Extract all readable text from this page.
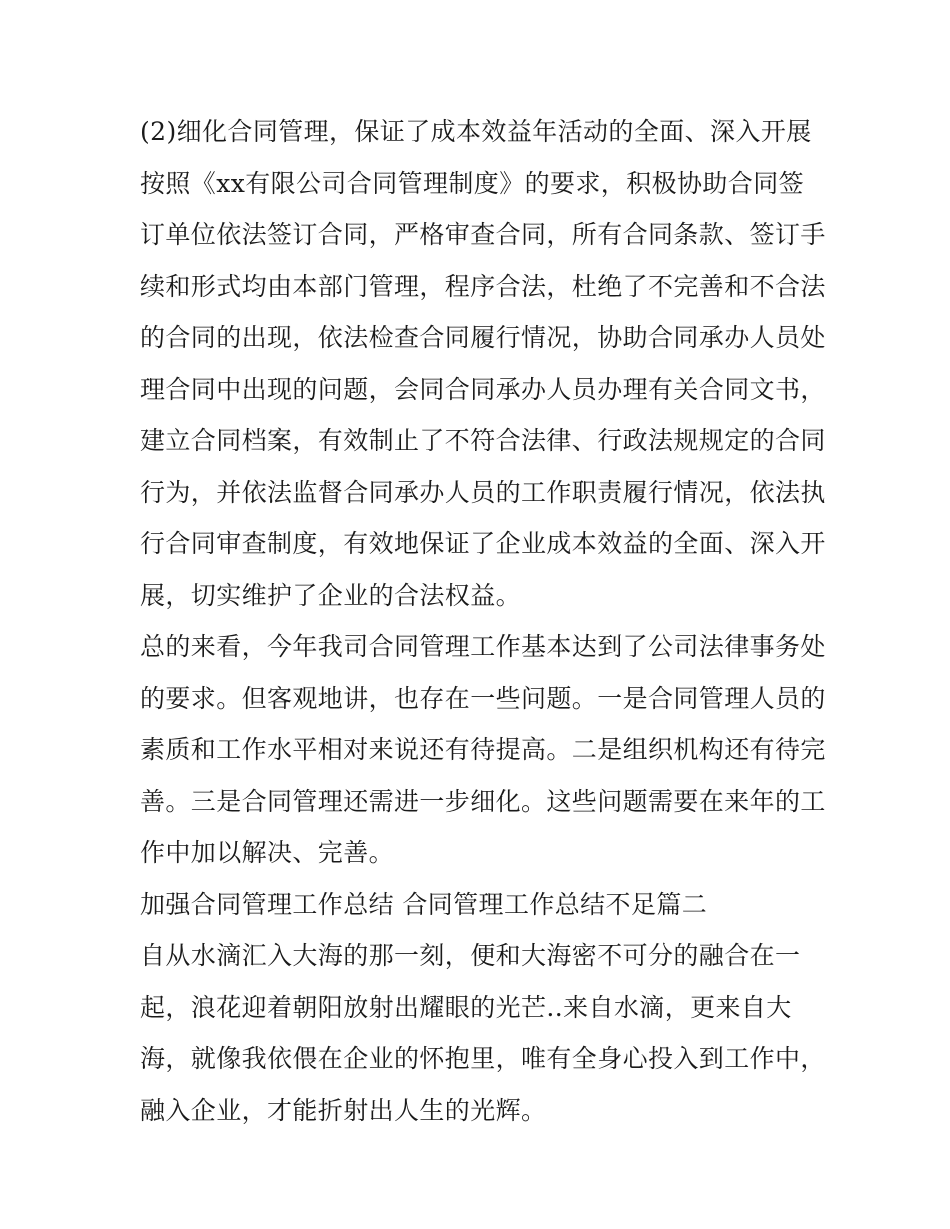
(2)细化合同管理，保证了成本效益年活动的全面、深入开展
按照《xx有限公司合同管理制度》的要求，积极协助合同签
订单位依法签订合同，严格审查合同，所有合同条款、签订手
续和形式均由本部门管理，程序合法，杜绝了不完善和不合法
的合同的出现，依法检查合同履行情况，协助合同承办人员处
理合同中出现的问题，会同合同承办人员办理有关合同文书，
建立合同档案，有效制止了不符合法律、行政法规规定的合同
行为，并依法监督合同承办人员的工作职责履行情况，依法执
行合同审查制度，有效地保证了企业成本效益的全面、深入开
展，切实维护了企业的合法权益。
总的来看，今年我司合同管理工作基本达到了公司法律事务处
的要求。但客观地讲，也存在一些问题。一是合同管理人员的
素质和工作水平相对来说还有待提高。二是组织机构还有待完
善。三是合同管理还需进一步细化。这些问题需要在来年的工
作中加以解决、完善。
加强合同管理工作总结 合同管理工作总结不足篇二
自从水滴汇入大海的那一刻，便和大海密不可分的融合在一
起，浪花迎着朝阳放射出耀眼的光芒..来自水滴，更来自大
海，就像我依偎在企业的怀抱里，唯有全身心投入到工作中，
融入企业，才能折射出人生的光辉。
